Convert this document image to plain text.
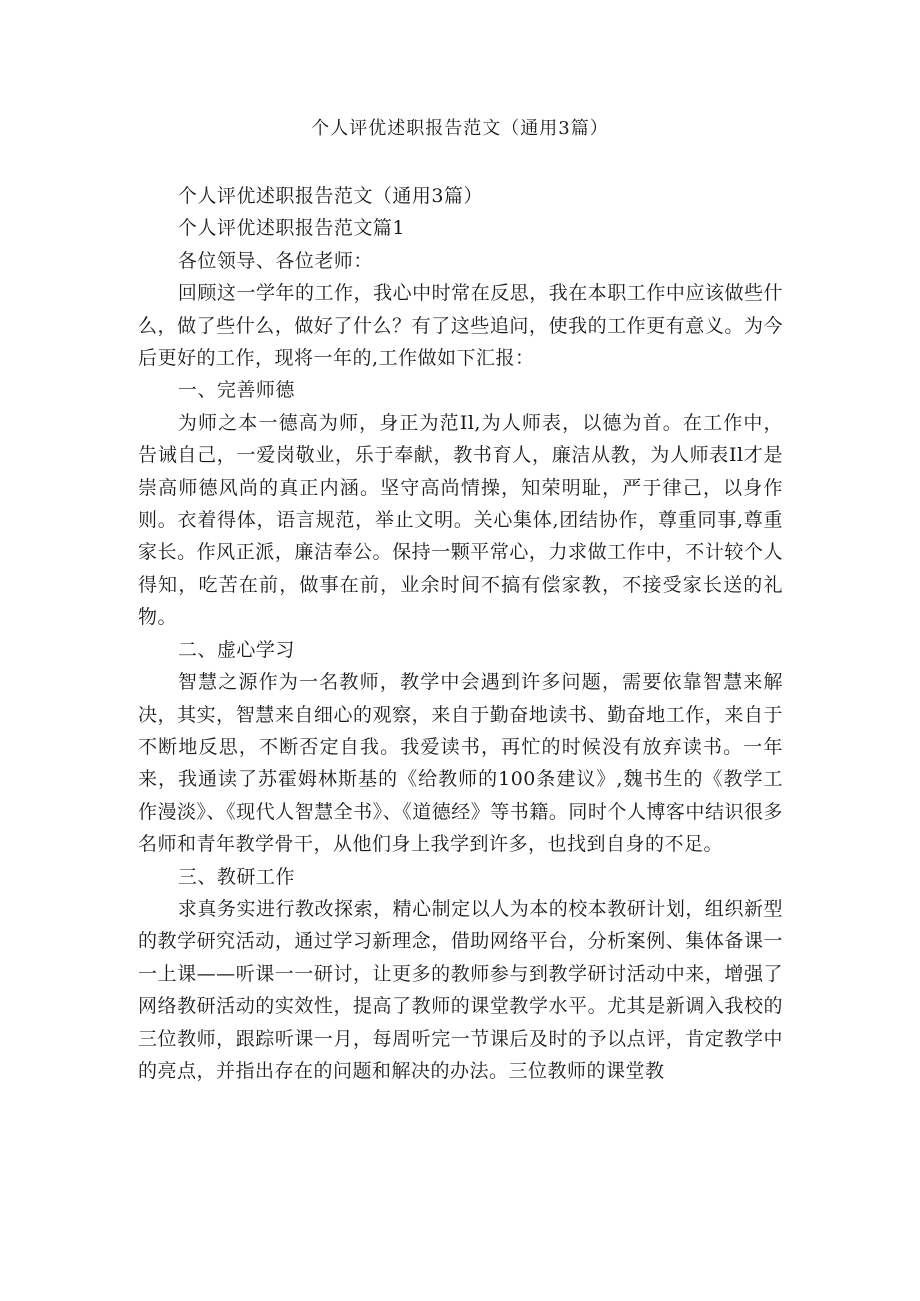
个人评优述职报告范文（通用3篇）

个人评优述职报告范文（通用3篇）

个人评优述职报告范文篇1

各位领导、各位老师：

回顾这一学年的工作，我心中时常在反思，我在本职工作中应该做些什么，做了些什么，做好了什么？有了这些追问，使我的工作更有意义。为今后更好的工作，现将一年的,工作做如下汇报：

一、完善师德

为师之本一德高为师，身正为范Il,为人师表，以德为首。在工作中，告诫自己，一爱岗敬业，乐于奉献，教书育人，廉洁从教，为人师表Il才是崇高师德风尚的真正内涵。坚守高尚情操，知荣明耻，严于律己，以身作则。衣着得体，语言规范，举止文明。关心集体,团结协作，尊重同事,尊重家长。作风正派，廉洁奉公。保持一颗平常心，力求做工作中，不计较个人得知，吃苦在前，做事在前，业余时间不搞有偿家教，不接受家长送的礼物。

二、虚心学习

智慧之源作为一名教师，教学中会遇到许多问题，需要依靠智慧来解决，其实，智慧来自细心的观察，来自于勤奋地读书、勤奋地工作，来自于不断地反思，不断否定自我。我爱读书，再忙的时候没有放弃读书。一年来，我通读了苏霍姆林斯基的《给教师的100条建议》,魏书生的《教学工作漫淡》、《现代人智慧全书》、《道德经》等书籍。同时个人博客中结识很多名师和青年教学骨干，从他们身上我学到许多，也找到自身的不足。

三、教研工作

求真务实进行教改探索，精心制定以人为本的校本教研计划，组织新型的教学研究活动，通过学习新理念，借助网络平台，分析案例、集体备课一一上课——听课一一研讨，让更多的教师参与到教学研讨活动中来，增强了网络教研活动的实效性，提高了教师的课堂教学水平。尤其是新调入我校的三位教师，跟踪听课一月，每周听完一节课后及时的予以点评，肯定教学中的亮点，并指出存在的问题和解决的办法。三位教师的课堂教
